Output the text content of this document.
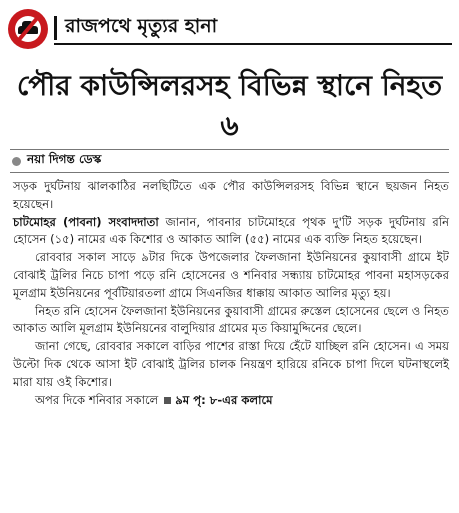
রাজপথে মৃত্যুর হানা
পৌর কাউন্সিলরসহ বিভিন্ন স্থানে নিহত ৬
নয়া দিগন্ত ডেস্ক

সড়ক দুর্ঘটনায় ঝালকাঠির নলছিটিতে এক পৌর কাউন্সিলরসহ বিভিন্ন স্থানে ছয়জন নিহত হয়েছেন।

চাটমোহর (পাবনা) সংবাদদাতা জানান, পাবনার চাটমোহরে পৃথক দু'টি সড়ক দুর্ঘটনায় রনি হোসেন (১৫) নামের এক কিশোর ও আকাত আলি (৫৫) নামের এক ব্যক্তি নিহত হয়েছেন।

রোববার সকাল সাড়ে ৯টার দিকে উপজেলার ফৈলজানা ইউনিয়নের কুয়াবাসী গ্রামে ইট বোঝাই ট্রলির নিচে চাপা পড়ে রনি হোসেনের ও শনিবার সন্ধ্যায় চাটমোহর পাবনা মহাসড়কের মূলগ্রাম ইউনিয়নের পূর্বটিয়ারতলা গ্রামে সিএনজির ধাক্কায় আকাত আলির মৃত্যু হয়।

নিহত রনি হোসেন ফৈলজানা ইউনিয়নের কুয়াবাসী গ্রামের রুস্তেল হোসেনের ছেলে ও নিহত আকাত আলি মূলগ্রাম ইউনিয়নের বালুদিয়ার গ্রামের মৃত কিয়ামুদ্দিনের ছেলে।

জানা গেছে, রোববার সকালে বাড়ির পাশের রাস্তা দিয়ে হেঁটে যাচ্ছিল রনি হোসেন। এ সময় উল্টো দিক থেকে আসা ইট বোঝাই ট্রলির চালক নিয়ন্ত্রণ হারিয়ে রনিকে চাপা দিলে ঘটনাস্থলেই মারা যায় ওই কিশোর।

অপর দিকে শনিবার সকালে ৯ম পৃ: ৮-এর কলামে
